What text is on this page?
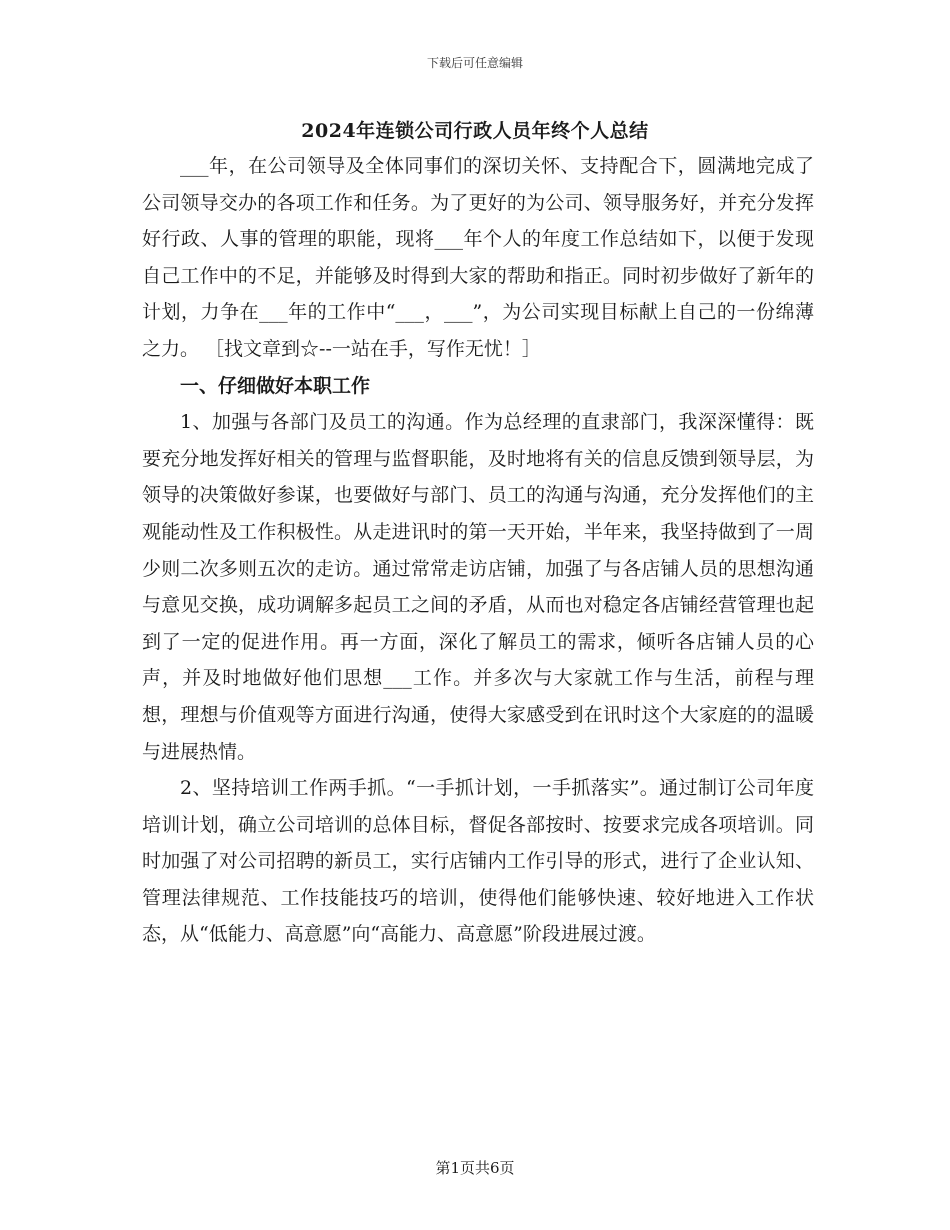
下载后可任意编辑
2024年连锁公司行政人员年终个人总结

___年，在公司领导及全体同事们的深切关怀、支持配合下，圆满地完成了公司领导交办的各项工作和任务。为了更好的为公司、领导服务好，并充分发挥好行政、人事的管理的职能，现将___年个人的年度工作总结如下，以便于发现自己工作中的不足，并能够及时得到大家的帮助和指正。同时初步做好了新年的计划，力争在___年的工作中“___，___”，为公司实现目标献上自己的一份绵薄之力。 ［找文章到☆--一站在手，写作无忧！］

一、仔细做好本职工作

1、加强与各部门及员工的沟通。作为总经理的直隶部门，我深深懂得：既要充分地发挥好相关的管理与监督职能，及时地将有关的信息反馈到领导层，为领导的决策做好参谋，也要做好与部门、员工的沟通与沟通，充分发挥他们的主观能动性及工作积极性。从走进讯时的第一天开始，半年来，我坚持做到了一周少则二次多则五次的走访。通过常常走访店铺，加强了与各店铺人员的思想沟通与意见交换，成功调解多起员工之间的矛盾，从而也对稳定各店铺经营管理也起到了一定的促进作用。再一方面，深化了解员工的需求，倾听各店铺人员的心声，并及时地做好他们思想___工作。并多次与大家就工作与生活，前程与理想，理想与价值观等方面进行沟通，使得大家感受到在讯时这个大家庭的的温暖与进展热情。

2、坚持培训工作两手抓。“一手抓计划，一手抓落实”。通过制订公司年度培训计划，确立公司培训的总体目标，督促各部按时、按要求完成各项培训。同时加强了对公司招聘的新员工，实行店铺内工作引导的形式，进行了企业认知、管理法律规范、工作技能技巧的培训，使得他们能够快速、较好地进入工作状态，从“低能力、高意愿”向“高能力、高意愿”阶段进展过渡。

第1页共6页
